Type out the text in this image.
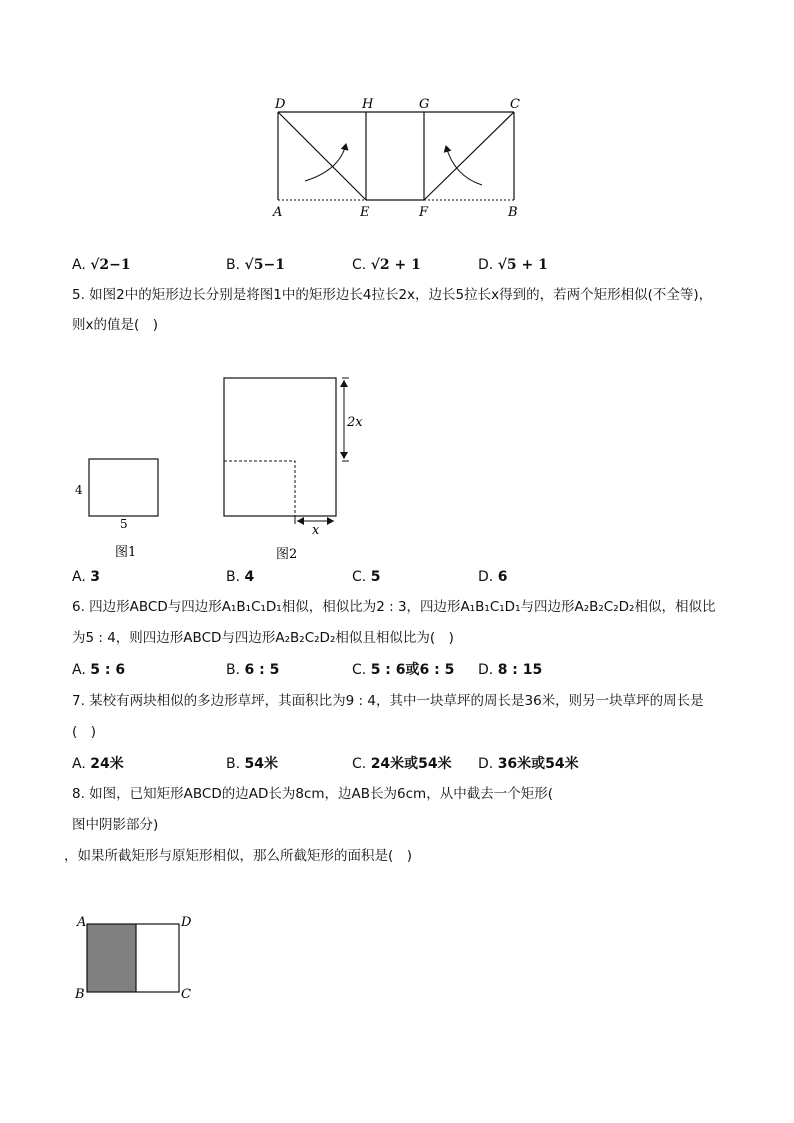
D	H	G	C
A	E	F	B
A. √2−1	B. √5−1	C. √2 + 1	D. √5 + 1
5. 如图2中的矩形边长分别是将图1中的矩形边长4拉长2x，边长5拉长x得到的，若两个矩形相似(不全等)，
则x的值是(　)
4
5
图1
2x
x
图2
A. 3	B. 4	C. 5	D. 6
6. 四边形ABCD与四边形A₁B₁C₁D₁相似，相似比为2 : 3，四边形A₁B₁C₁D₁与四边形A₂B₂C₂D₂相似，相似比
为5 : 4，则四边形ABCD与四边形A₂B₂C₂D₂相似且相似比为(　)
A. 5 : 6	B. 6 : 5	C. 5 : 6或6 : 5 D. 8 : 15
7. 某校有两块相似的多边形草坪，其面积比为9 : 4，其中一块草坪的周长是36米，则另一块草坪的周长是
(　)
A. 24米	B. 54米	C. 24米或54米 D. 36米或54米
8. 如图，已知矩形ABCD的边AD长为8cm，边AB长为6cm，从中截去一个矩形(
图中阴影部分)
，如果所截矩形与原矩形相似，那么所截矩形的面积是(　)
A	D
B	C
